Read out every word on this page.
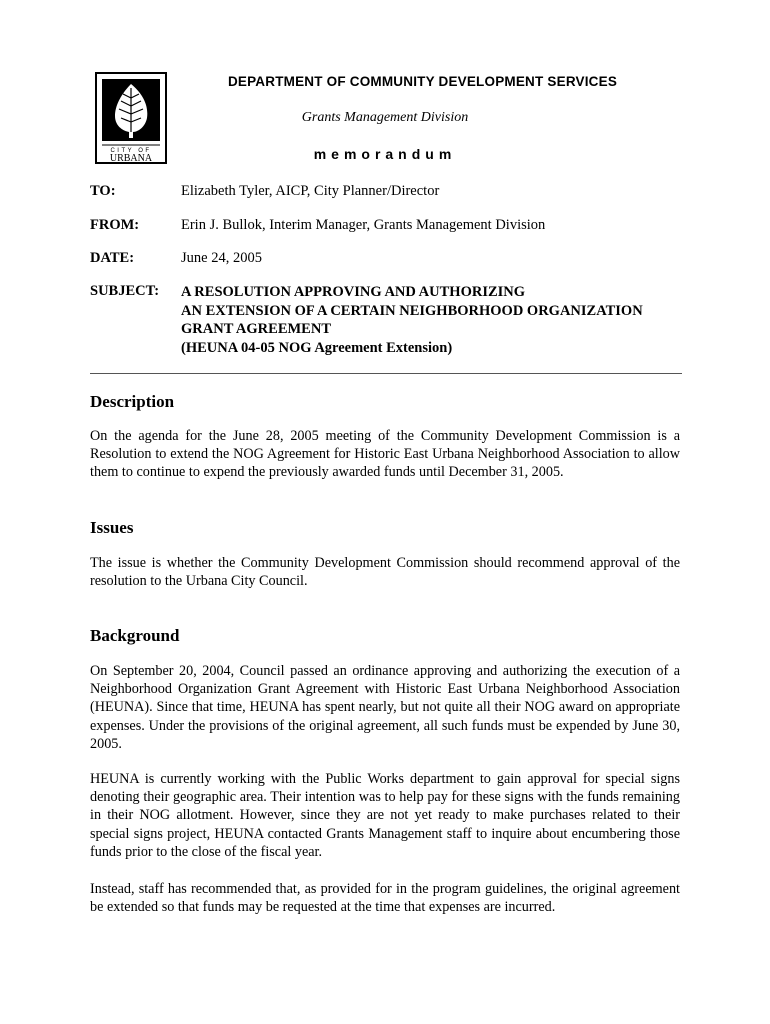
CITY OF
URBANA
DEPARTMENT OF COMMUNITY DEVELOPMENT SERVICES
Grants Management Division
memorandum
TO:	Elizabeth Tyler, AICP, City Planner/Director
FROM:	Erin J. Bullok, Interim Manager, Grants Management Division
DATE:	June 24, 2005
SUBJECT: A RESOLUTION APPROVING AND AUTHORIZING
AN EXTENSION OF A CERTAIN NEIGHBORHOOD ORGANIZATION
GRANT AGREEMENT
(HEUNA 04-05 NOG Agreement Extension)
Description
On the agenda for the June 28, 2005 meeting of the Community Development Commission is a Resolution to extend the NOG Agreement for Historic East Urbana Neighborhood Association to allow them to continue to expend the previously awarded funds until December 31, 2005.
Issues
The issue is whether the Community Development Commission should recommend approval of the resolution to the Urbana City Council.
Background
On September 20, 2004, Council passed an ordinance approving and authorizing the execution of a Neighborhood Organization Grant Agreement with Historic East Urbana Neighborhood Association (HEUNA). Since that time, HEUNA has spent nearly, but not quite all their NOG award on appropriate expenses. Under the provisions of the original agreement, all such funds must be expended by June 30, 2005.
HEUNA is currently working with the Public Works department to gain approval for special signs denoting their geographic area. Their intention was to help pay for these signs with the funds remaining in their NOG allotment. However, since they are not yet ready to make purchases related to their special signs project, HEUNA contacted Grants Management staff to inquire about encumbering those funds prior to the close of the fiscal year.
Instead, staff has recommended that, as provided for in the program guidelines, the original agreement be extended so that funds may be requested at the time that expenses are incurred.
